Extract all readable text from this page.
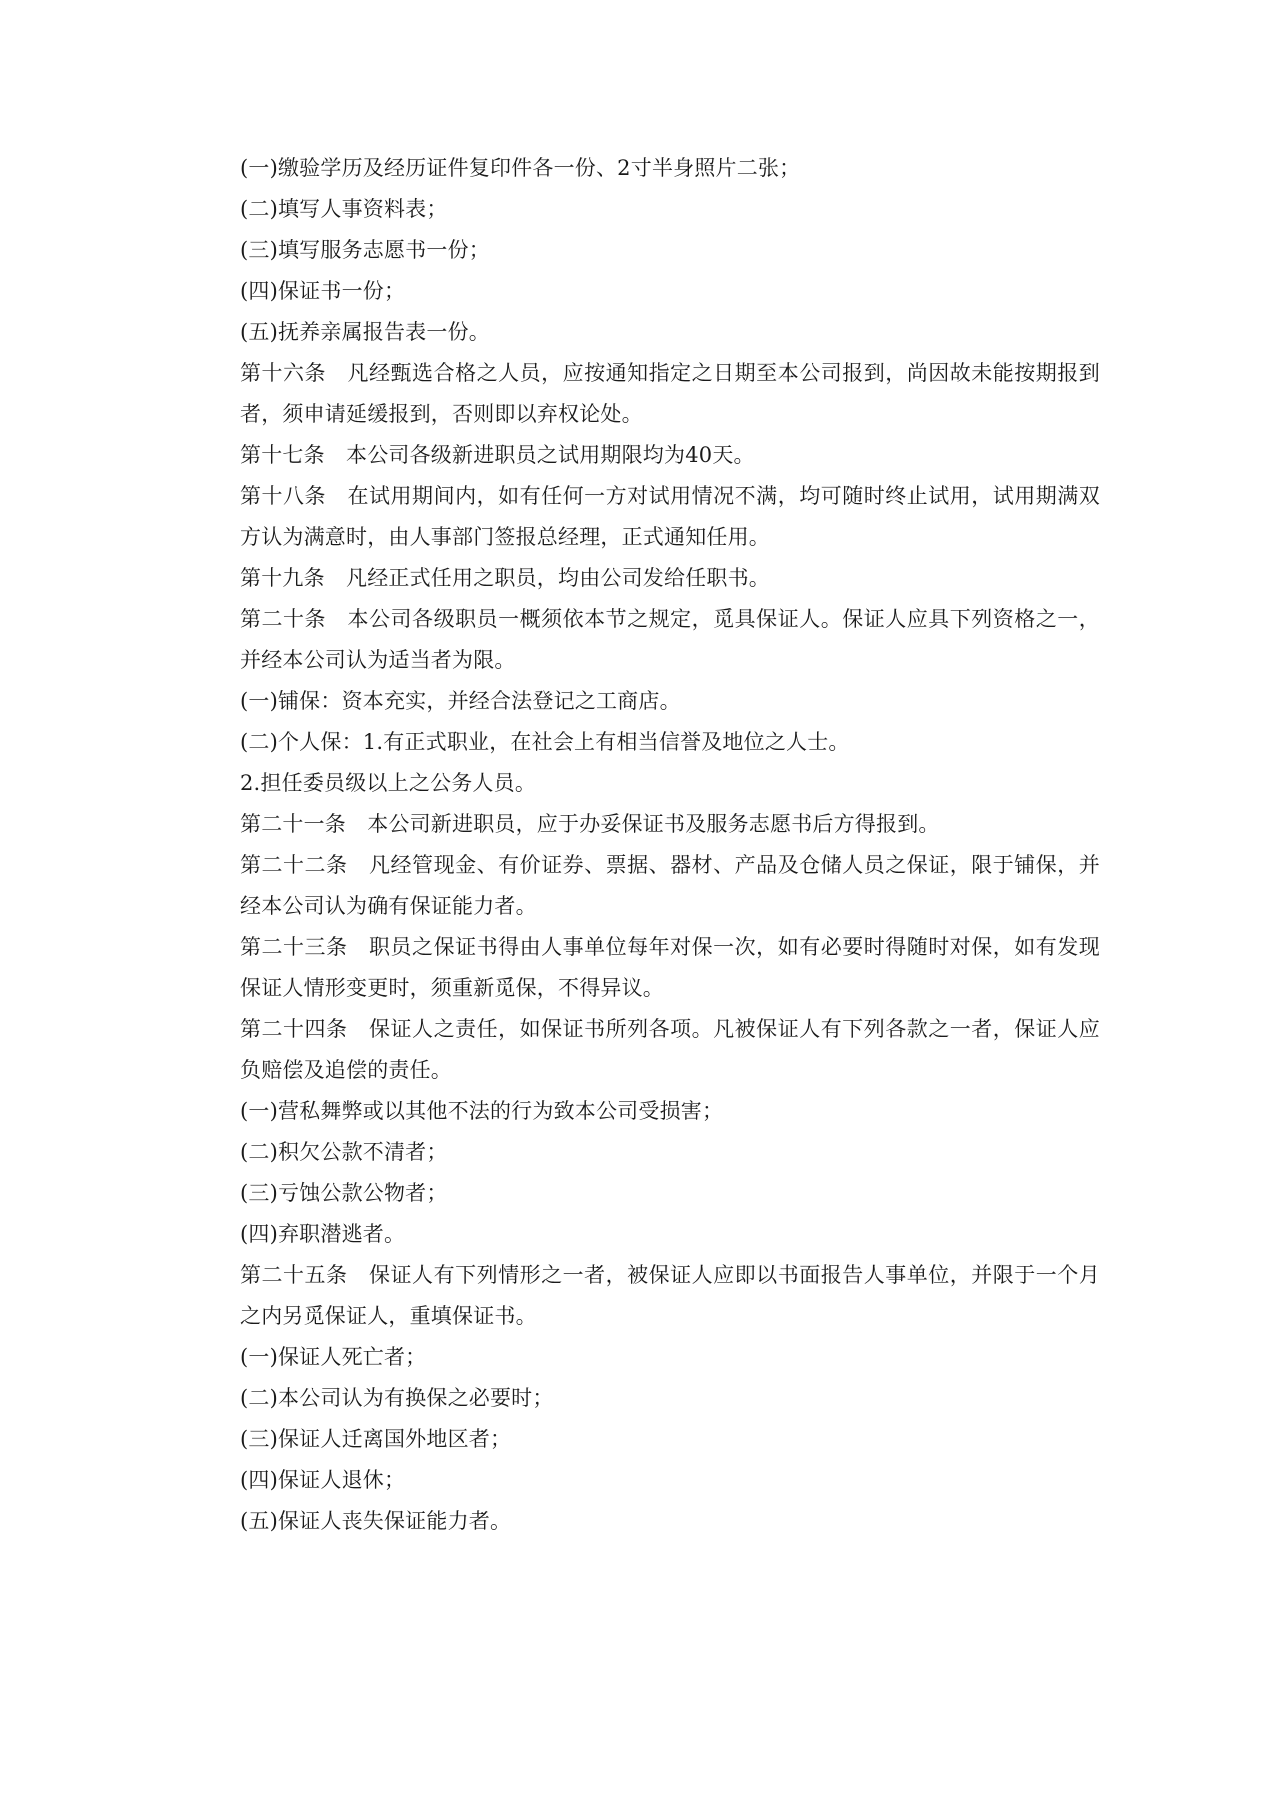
(一)缴验学历及经历证件复印件各一份、2寸半身照片二张；

(二)填写人事资料表；

(三)填写服务志愿书一份；

(四)保证书一份；

(五)抚养亲属报告表一份。

第十六条　凡经甄选合格之人员，应按通知指定之日期至本公司报到，尚因故未能按期报到者，须申请延缓报到，否则即以弃权论处。

第十七条　本公司各级新进职员之试用期限均为40天。

第十八条　在试用期间内，如有任何一方对试用情况不满，均可随时终止试用，试用期满双方认为满意时，由人事部门签报总经理，正式通知任用。

第十九条　凡经正式任用之职员，均由公司发给任职书。

第二十条　本公司各级职员一概须依本节之规定，觅具保证人。保证人应具下列资格之一，并经本公司认为适当者为限。

(一)铺保：资本充实，并经合法登记之工商店。

(二)个人保：1.有正式职业，在社会上有相当信誉及地位之人士。

2.担任委员级以上之公务人员。

第二十一条　本公司新进职员，应于办妥保证书及服务志愿书后方得报到。

第二十二条　凡经管现金、有价证券、票据、器材、产品及仓储人员之保证，限于铺保，并经本公司认为确有保证能力者。

第二十三条　职员之保证书得由人事单位每年对保一次，如有必要时得随时对保，如有发现保证人情形变更时，须重新觅保，不得异议。

第二十四条　保证人之责任，如保证书所列各项。凡被保证人有下列各款之一者，保证人应负赔偿及追偿的责任。

(一)营私舞弊或以其他不法的行为致本公司受损害；

(二)积欠公款不清者；

(三)亏蚀公款公物者；

(四)弃职潜逃者。

第二十五条　保证人有下列情形之一者，被保证人应即以书面报告人事单位，并限于一个月之内另觅保证人，重填保证书。

(一)保证人死亡者；

(二)本公司认为有换保之必要时；

(三)保证人迁离国外地区者；

(四)保证人退休；

(五)保证人丧失保证能力者。
